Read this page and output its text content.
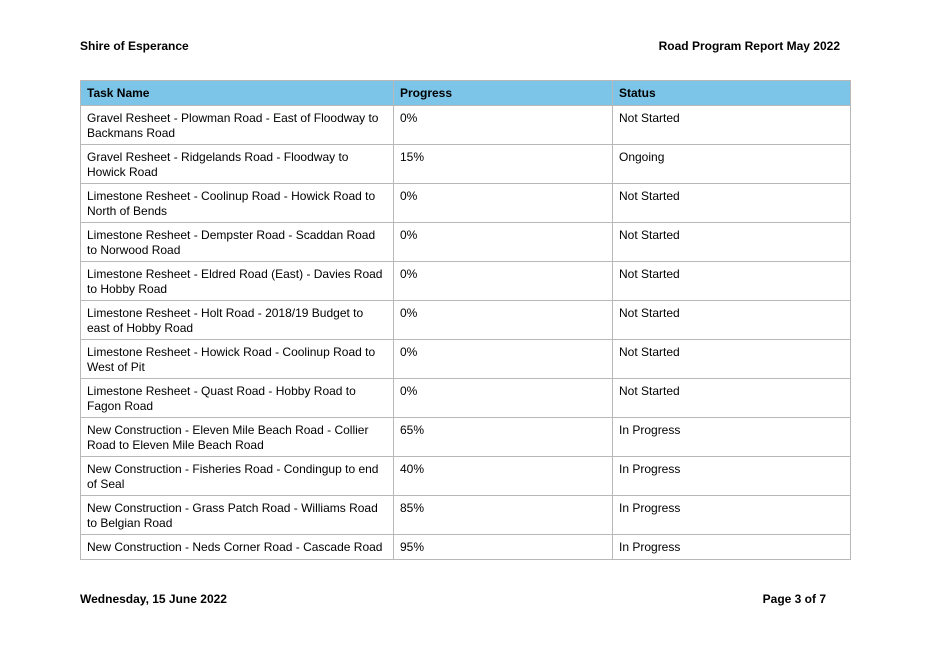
Shire of Esperance	Road Program Report May 2022
Task Name	Progress	Status
Gravel Resheet - Plowman Road - East of Floodway to Backmans Road	0%	Not Started
Gravel Resheet - Ridgelands Road - Floodway to Howick Road	15%	Ongoing
Limestone Resheet - Coolinup Road - Howick Road to North of Bends	0%	Not Started
Limestone Resheet - Dempster Road - Scaddan Road to Norwood Road	0%	Not Started
Limestone Resheet - Eldred Road (East) - Davies Road to Hobby Road	0%	Not Started
Limestone Resheet - Holt Road - 2018/19 Budget to east of Hobby Road	0%	Not Started
Limestone Resheet - Howick Road - Coolinup Road to West of Pit	0%	Not Started
Limestone Resheet - Quast Road - Hobby Road to Fagon Road	0%	Not Started
New Construction - Eleven Mile Beach Road - Collier Road to Eleven Mile Beach Road	65%	In Progress
New Construction - Fisheries Road - Condingup to end of Seal	40%	In Progress
New Construction - Grass Patch Road - Williams Road to Belgian Road	85%	In Progress
New Construction - Neds Corner Road - Cascade Road	95%	In Progress
Wednesday, 15 June 2022	Page 3 of 7
